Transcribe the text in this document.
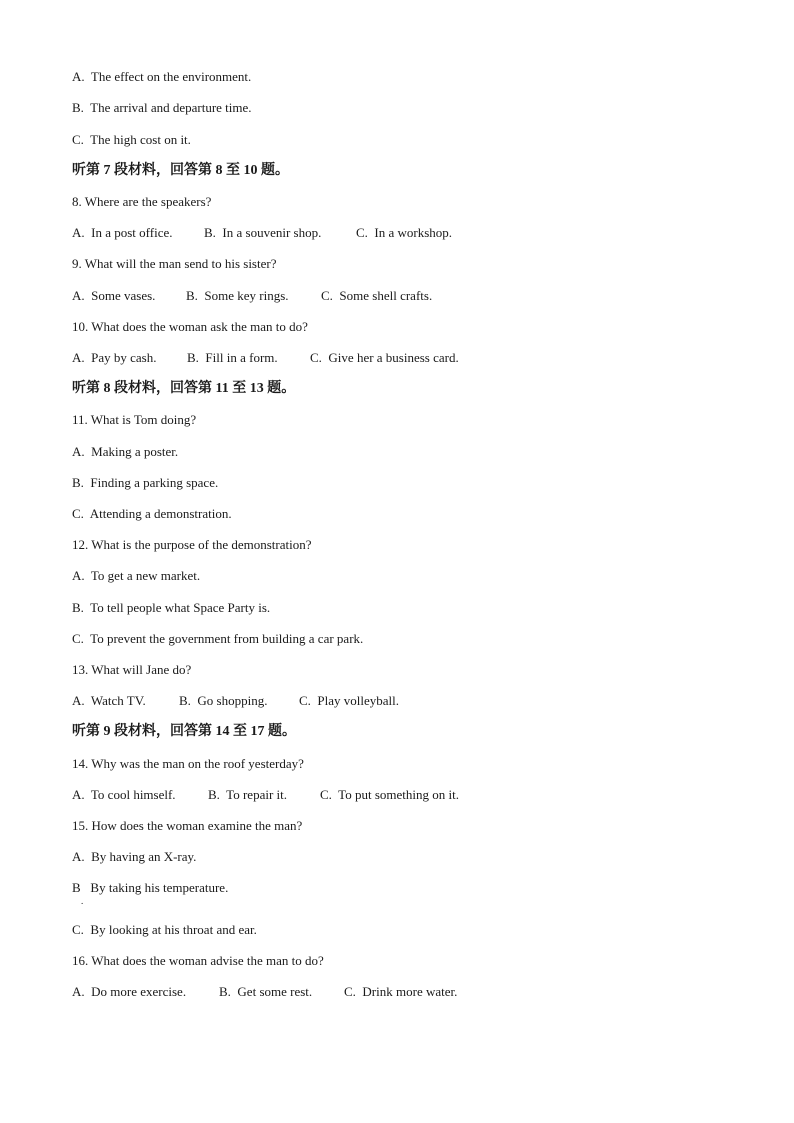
.
A.  The effect on the environment.
B.  The arrival and departure time.
C.  The high cost on it.
听第 7 段材料，回答第 8 至 10 题。
8. Where are the speakers?
A.  In a post office. B.  In a souvenir shop.	C.  In a workshop.
9. What will the man send to his sister?
A.  Some vases. B.  Some key rings. C.  Some shell crafts.
10. What does the woman ask the man to do?
A.  Pay by cash. B.  Fill in a form. C.  Give her a business card.
听第 8 段材料，回答第 11 至 13 题。
11. What is Tom doing?
A.  Making a poster.
B.  Finding a parking space.
C.  Attending a demonstration.
12. What is the purpose of the demonstration?
A.  To get a new market.
B.  To tell people what Space Party is.
C.  To prevent the government from building a car park.
13. What will Jane do?
A.  Watch TV.	B.  Go shopping. C.  Play volleyball.
听第 9 段材料，回答第 14 至 17 题。
14. Why was the man on the roof yesterday?
A.  To cool himself. B.  To repair it.	C.  To put something on it.
15. How does the woman examine the man?
A.  By having an X-ray.
B   By taking his temperature.
C.  By looking at his throat and ear.
16. What does the woman advise the man to do?
A.  Do more exercise.	B.  Get some rest. C.  Drink more water.
